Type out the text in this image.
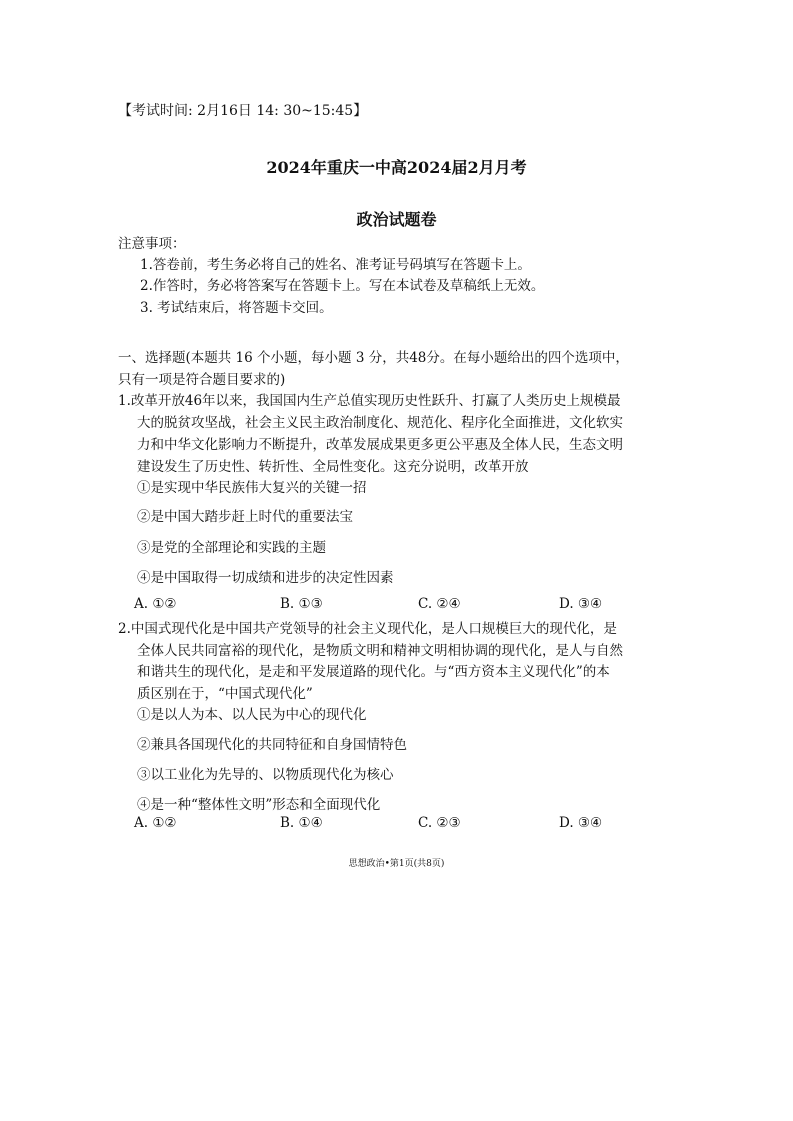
【考试时间: 2月16日 14: 30~15:45】
2024年重庆一中高2024届2月月考
政治试题卷
注意事项：
1.答卷前，考生务必将自己的姓名、准考证号码填写在答题卡上。
2.作答时，务必将答案写在答题卡上。写在本试卷及草稿纸上无效。
3. 考试结束后，将答题卡交回。
一、选择题(本题共 16 个小题，每小题 3 分，共48分。在每小题给出的四个选项中，
只有一项是符合题目要求的)
1.改革开放46年以来，我国国内生产总值实现历史性跃升、打赢了人类历史上规模最
大的脱贫攻坚战，社会主义民主政治制度化、规范化、程序化全面推进，文化软实
力和中华文化影响力不断提升，改革发展成果更多更公平惠及全体人民，生态文明
建设发生了历史性、转折性、全局性变化。这充分说明，改革开放
①是实现中华民族伟大复兴的关键一招
②是中国大踏步赶上时代的重要法宝
③是党的全部理论和实践的主题
④是中国取得一切成绩和进步的决定性因素
A. ①②	B. ①③	C. ②④	D. ③④
2.中国式现代化是中国共产党领导的社会主义现代化，是人口规模巨大的现代化，是
全体人民共同富裕的现代化，是物质文明和精神文明相协调的现代化，是人与自然
和谐共生的现代化，是走和平发展道路的现代化。与“西方资本主义现代化”的本
质区别在于，“中国式现代化”
①是以人为本、以人民为中心的现代化
②兼具各国现代化的共同特征和自身国情特色
③以工业化为先导的、以物质现代化为核心
④是一种“整体性文明”形态和全面现代化
A. ①②	B. ①④	C. ②③	D. ③④
思想政治•第1页(共8页)
